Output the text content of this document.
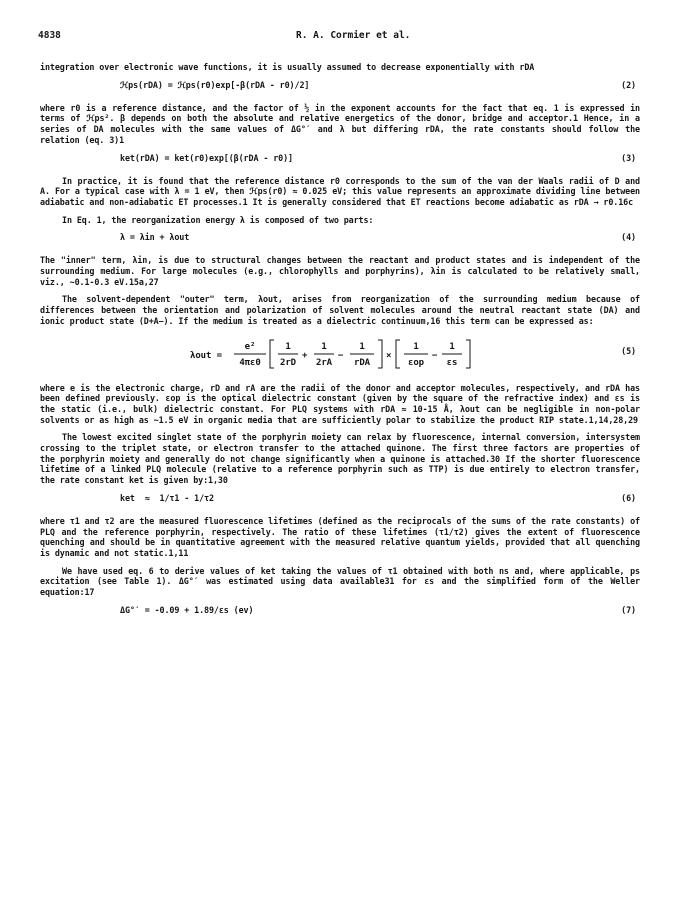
4838	R. A. Cormier et al.

integration over electronic wave functions, it is usually assumed to decrease exponentially with rDA

ℋps(rDA) = ℋps(r0)exp[-β(rDA - r0)/2]	(2)

where r0 is a reference distance, and the factor of ½ in the exponent accounts for the fact that eq. 1 is expressed in terms of ℋps². β depends on both the absolute and relative energetics of the donor, bridge and acceptor.1 Hence, in a series of DA molecules with the same values of ΔG°′ and λ but differing rDA, the rate constants should follow the relation (eq. 3)1

ket(rDA) = ket(r0)exp[(β(rDA - r0)]	(3)

In practice, it is found that the reference distance r0 corresponds to the sum of the van der Waals radii of D and A. For a typical case with λ = 1 eV, then ℋps(r0) ≈ 0.025 eV; this value represents an approximate dividing line between adiabatic and non-adiabatic ET processes.1 It is generally considered that ET reactions become adiabatic as rDA → r0.16c

In Eq. 1, the reorganization energy λ is composed of two parts:

λ = λin + λout	(4)

The "inner" term, λin, is due to structural changes between the reactant and product states and is independent of the surrounding medium. For large molecules (e.g., chlorophylls and porphyrins), λin is calculated to be relatively small, viz., ~0.1-0.3 eV.15a,27

The solvent-dependent "outer" term, λout, arises from reorganization of the surrounding medium because of differences between the orientation and polarization of solvent molecules around the neutral reactant state (DA) and ionic product state (D+A−). If the medium is treated as a dielectric continuum,16 this term can be expressed as:

λout =
e²
4πε0
1
2rD
+
1
2rA
−
1
rDA
×
1
εop
−
1
εs
(5)

where e is the electronic charge, rD and rA are the radii of the donor and acceptor molecules, respectively, and rDA has been defined previously. εop is the optical dielectric constant (given by the square of the refractive index) and εs is the static (i.e., bulk) dielectric constant. For PLQ systems with rDA ≈ 10-15 Å, λout can be negligible in non-polar solvents or as high as ~1.5 eV in organic media that are sufficiently polar to stabilize the product RIP state.1,14,28,29

The lowest excited singlet state of the porphyrin moiety can relax by fluorescence, internal conversion, intersystem crossing to the triplet state, or electron transfer to the attached quinone. The first three factors are properties of the porphyrin moiety and generally do not change significantly when a quinone is attached.30 If the shorter fluorescence lifetime of a linked PLQ molecule (relative to a reference porphyrin such as TTP) is due entirely to electron transfer, the rate constant ket is given by:1,30

ket  ≈  1/τ1 - 1/τ2	(6)

where τ1 and τ2 are the measured fluorescence lifetimes (defined as the reciprocals of the sums of the rate constants) of PLQ and the reference porphyrin, respectively. The ratio of these lifetimes (τ1/τ2) gives the extent of fluorescence quenching and should be in quantitative agreement with the measured relative quantum yields, provided that all quenching is dynamic and not static.1,11

We have used eq. 6 to derive values of ket taking the values of τ1 obtained with both ns and, where applicable, ps excitation (see Table 1). ΔG°′ was estimated using data available31 for εs and the simplified form of the Weller equation:17

ΔG°′ = -0.09 + 1.89/εs (ev)	(7)
